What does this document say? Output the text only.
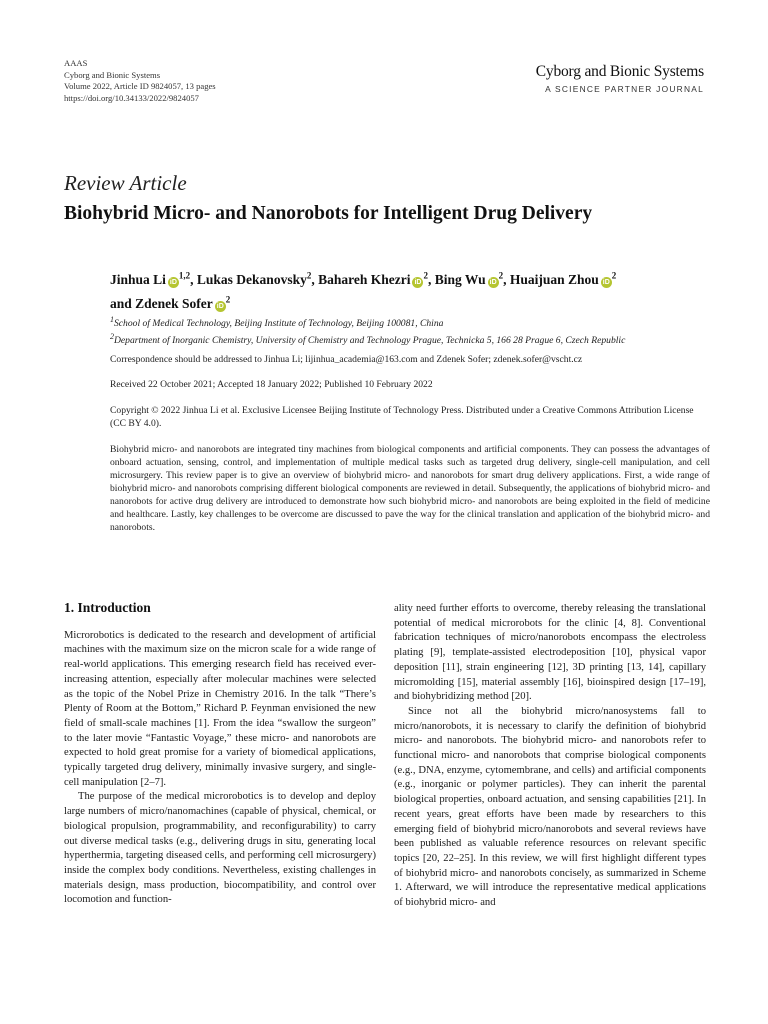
AAAS
Cyborg and Bionic Systems
Volume 2022, Article ID 9824057, 13 pages
https://doi.org/10.34133/2022/9824057
Cyborg and Bionic Systems
A SCIENCE PARTNER JOURNAL
Review Article
Biohybrid Micro- and Nanorobots for Intelligent Drug Delivery
Jinhua Li iD$^{1,2}$, Lukas Dekanovsky$^2$, Bahareh Khezri $iD^2$, Bing Wu $iD^2$, Huaijuan Zhou $iD^2$
and Zdenek Sofer $iD^2$
$^1$School of Medical Technology, Beijing Institute of Technology, Beijing 100081, China
$^2$Department of Inorganic Chemistry, University of Chemistry and Technology Prague, Technicka 5, 166 28 Prague 6, Czech Republic
Correspondence should be addressed to Jinhua Li; lijinhua_academia@163.com and Zdenek Sofer; zdenek.sofer@vscht.cz
Received 22 October 2021; Accepted 18 January 2022; Published 10 February 2022
Copyright © 2022 Jinhua Li et al. Exclusive Licensee Beijing Institute of Technology Press. Distributed under a Creative Commons Attribution License (CC BY 4.0).
Biohybrid micro- and nanorobots are integrated tiny machines from biological components and artificial components. They can possess the advantages of onboard actuation, sensing, control, and implementation of multiple medical tasks such as targeted drug delivery, single-cell manipulation, and cell microsurgery. This review paper is to give an overview of biohybrid micro- and nanorobots for smart drug delivery applications. First, a wide range of biohybrid micro- and nanorobots comprising different biological components are reviewed in detail. Subsequently, the applications of biohybrid micro- and nanorobots for active drug delivery are introduced to demonstrate how such biohybrid micro- and nanorobots are being exploited in the field of medicine and healthcare. Lastly, key challenges to be overcome are discussed to pave the way for the clinical translation and application of the biohybrid micro- and nanorobots.
1. Introduction

Microrobotics is dedicated to the research and development of artificial machines with the maximum size on the micron scale for a wide range of real-world applications. This emerging research field has received ever-increasing attention, especially after molecular machines were selected as the topic of the Nobel Prize in Chemistry 2016. In the talk “There’s Plenty of Room at the Bottom,” Richard P. Feynman envisioned the new field of small-scale machines [1]. From the idea “swallow the surgeon” to the later movie “Fantastic Voyage,” these micro- and nanorobots are expected to hold great promise for a variety of biomedical applications, typically targeted drug delivery, minimally invasive surgery, and single-cell manipulation [2–7].

The purpose of the medical microrobotics is to develop and deploy large numbers of micro/nanomachines (capable of physical, chemical, or biological propulsion, programmability, and reconfigurability) to carry out diverse medical tasks (e.g., delivering drugs in situ, generating local hyperthermia, targeting diseased cells, and performing cell microsurgery) inside the complex body conditions. Nevertheless, existing challenges in materials design, mass production, biocompatibility, and control over locomotion and function-

ality need further efforts to overcome, thereby releasing the translational potential of medical microrobots for the clinic [4, 8]. Conventional fabrication techniques of micro/nanorobots encompass the electroless plating [9], template-assisted electrodeposition [10], physical vapor deposition [11], strain engineering [12], 3D printing [13, 14], capillary micromolding [15], material assembly [16], bioinspired design [17–19], and biohybridizing method [20].

Since not all the biohybrid micro/nanosystems fall to micro/nanorobots, it is necessary to clarify the definition of biohybrid micro- and nanorobots. The biohybrid micro- and nanorobots refer to functional micro- and nanorobots that comprise biological components (e.g., DNA, enzyme, cytomembrane, and cells) and artificial components (e.g., inorganic or polymer particles). They can inherit the parental biological properties, onboard actuation, and sensing capabilities [21]. In recent years, great efforts have been made by researchers to this emerging field of biohybrid micro/nanorobots and several reviews have been published as valuable reference resources on relevant specific topics [20, 22–25]. In this review, we will first highlight different types of biohybrid micro- and nanorobots concisely, as summarized in Scheme 1. Afterward, we will introduce the representative medical applications of biohybrid micro- and
